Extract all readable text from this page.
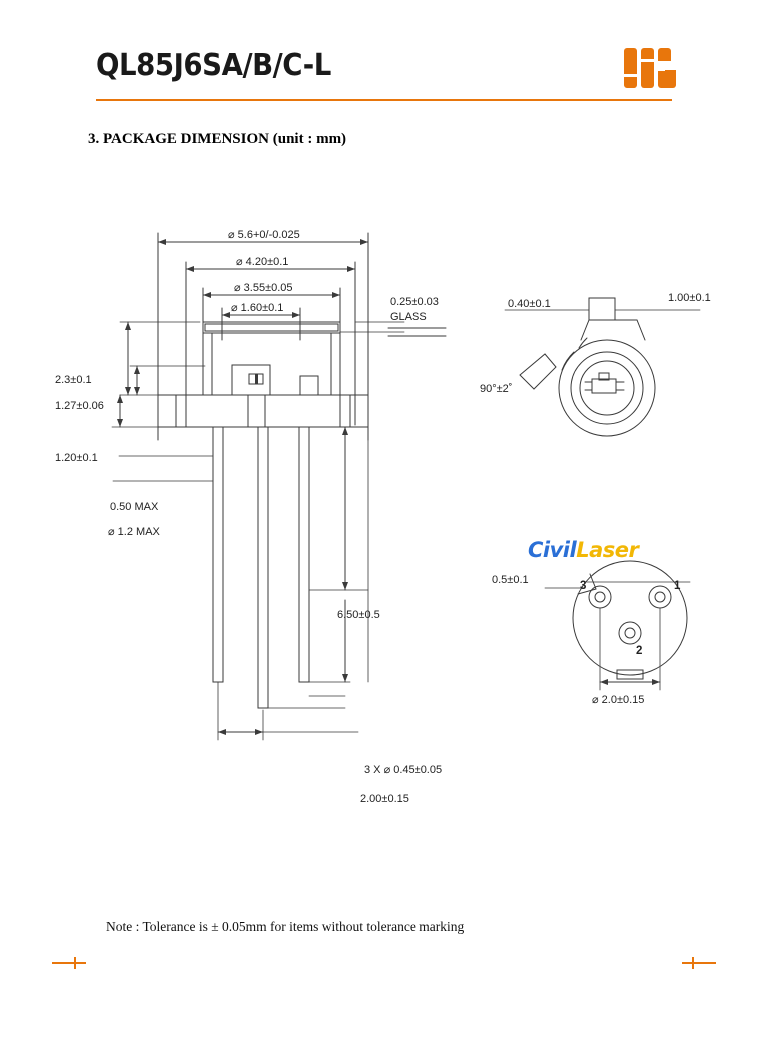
QL85J6SA/B/C-L
3. PACKAGE DIMENSION (unit : mm)
⌀ 5.6+0/-0.025
⌀ 4.20±0.1
⌀ 3.55±0.05
⌀ 1.60±0.1	0.25±0.03
GLASS
2.3±0.1
1.27±0.06
1.20±0.1
0.50 MAX
⌀ 1.2 MAX
6.50±0.5
3 X ⌀ 0.45±0.05
2.00±0.15
0.40±0.1	1.00±0.1
90°±2˚
0.5±0.1
⌀ 2.0±0.15
1
2
3
CivilLaser
Note : Tolerance is ± 0.05mm for items without tolerance marking
